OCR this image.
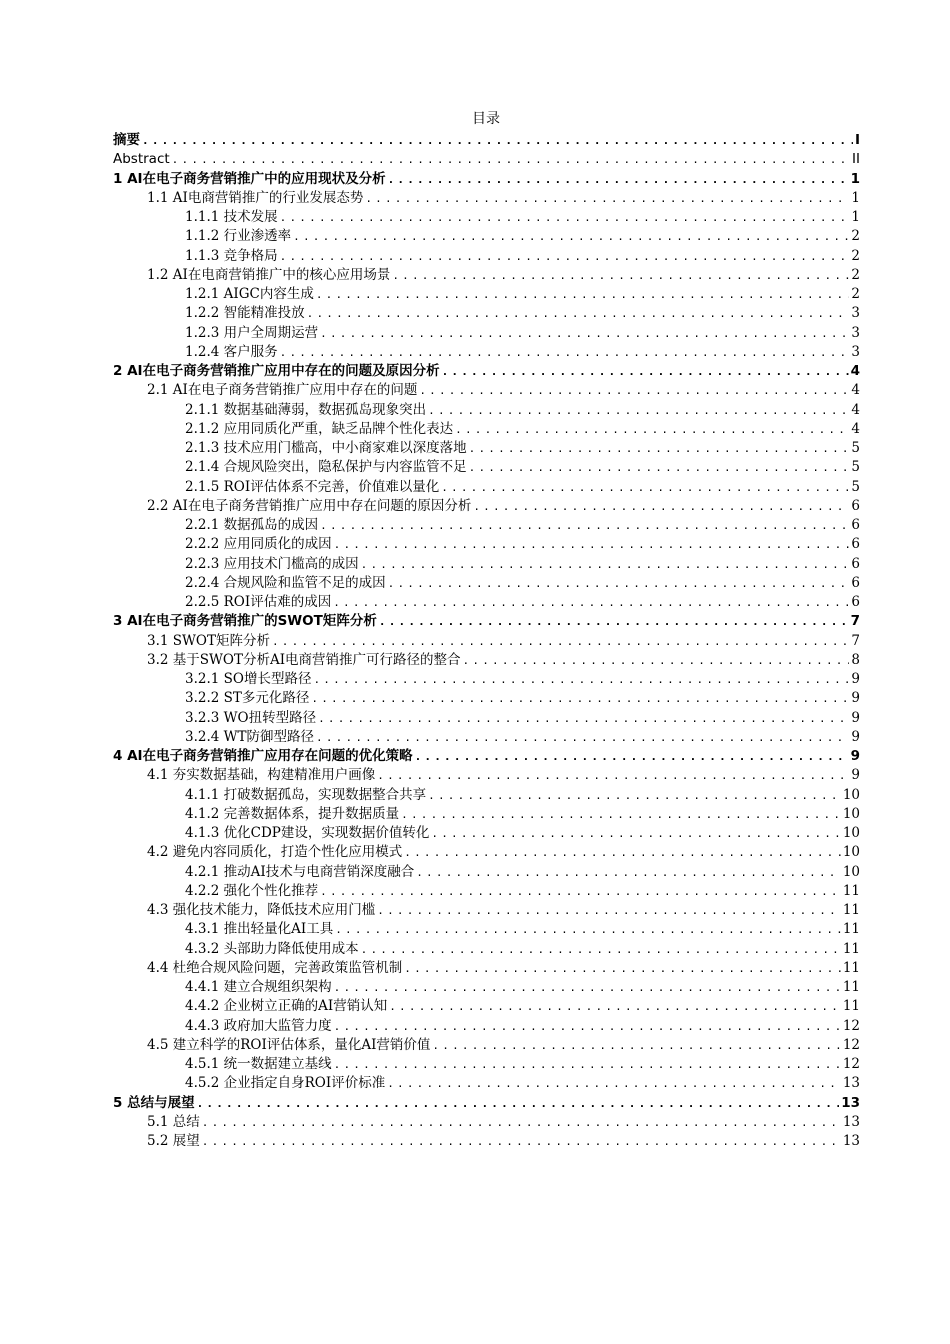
目录
摘要 .....	I
Abstract .....	II
1 AI在电子商务营销推广中的应用现状及分析 .....	1
1.1 AI电商营销推广的行业发展态势 .....	1
1.1.1 技术发展 .....	1
1.1.2 行业渗透率 .....	2
1.1.3 竞争格局 .....	2
1.2 AI在电商营销推广中的核心应用场景 .....	2
1.2.1 AIGC内容生成 .....	2
1.2.2 智能精准投放 .....	3
1.2.3 用户全周期运营 .....	3
1.2.4 客户服务 .....	3
2 AI在电子商务营销推广应用中存在的问题及原因分析 .....	4
2.1 AI在电子商务营销推广应用中存在的问题 .....	4
2.1.1 数据基础薄弱，数据孤岛现象突出 .....	4
2.1.2 应用同质化严重，缺乏品牌个性化表达 .....	4
2.1.3 技术应用门槛高，中小商家难以深度落地 .....	5
2.1.4 合规风险突出，隐私保护与内容监管不足 .....	5
2.1.5 ROI评估体系不完善，价值难以量化 .....	5
2.2 AI在电子商务营销推广应用中存在问题的原因分析 .....	6
2.2.1 数据孤岛的成因 .....	6
2.2.2 应用同质化的成因 .....	6
2.2.3 应用技术门槛高的成因 .....	6
2.2.4 合规风险和监管不足的成因 .....	6
2.2.5 ROI评估难的成因 .....	6
3 AI在电子商务营销推广的SWOT矩阵分析 .....	7
3.1 SWOT矩阵分析 .....	7
3.2 基于SWOT分析AI电商营销推广可行路径的整合 .....	8
3.2.1 SO增长型路径 .....	9
3.2.2 ST多元化路径 .....	9
3.2.3 WO扭转型路径 .....	9
3.2.4 WT防御型路径 .....	9
4 AI在电子商务营销推广应用存在问题的优化策略 .....	9
4.1 夯实数据基础，构建精准用户画像 .....	9
4.1.1 打破数据孤岛，实现数据整合共享 .....	10
4.1.2 完善数据体系，提升数据质量 .....	10
4.1.3 优化CDP建设，实现数据价值转化 .....	10
4.2 避免内容同质化，打造个性化应用模式 .....	10
4.2.1 推动AI技术与电商营销深度融合 .....	10
4.2.2 强化个性化推荐 .....	11
4.3 强化技术能力，降低技术应用门槛 .....	11
4.3.1 推出轻量化AI工具 .....	11
4.3.2 头部助力降低使用成本 .....	11
4.4 杜绝合规风险问题，完善政策监管机制 .....	11
4.4.1 建立合规组织架构 .....	11
4.4.2 企业树立正确的AI营销认知 .....	11
4.4.3 政府加大监管力度 .....	12
4.5 建立科学的ROI评估体系，量化AI营销价值 .....	12
4.5.1 统一数据建立基线 .....	12
4.5.2 企业指定自身ROI评价标准 .....	13
5 总结与展望 .....	13
5.1 总结 .....	13
5.2 展望 .....	13
